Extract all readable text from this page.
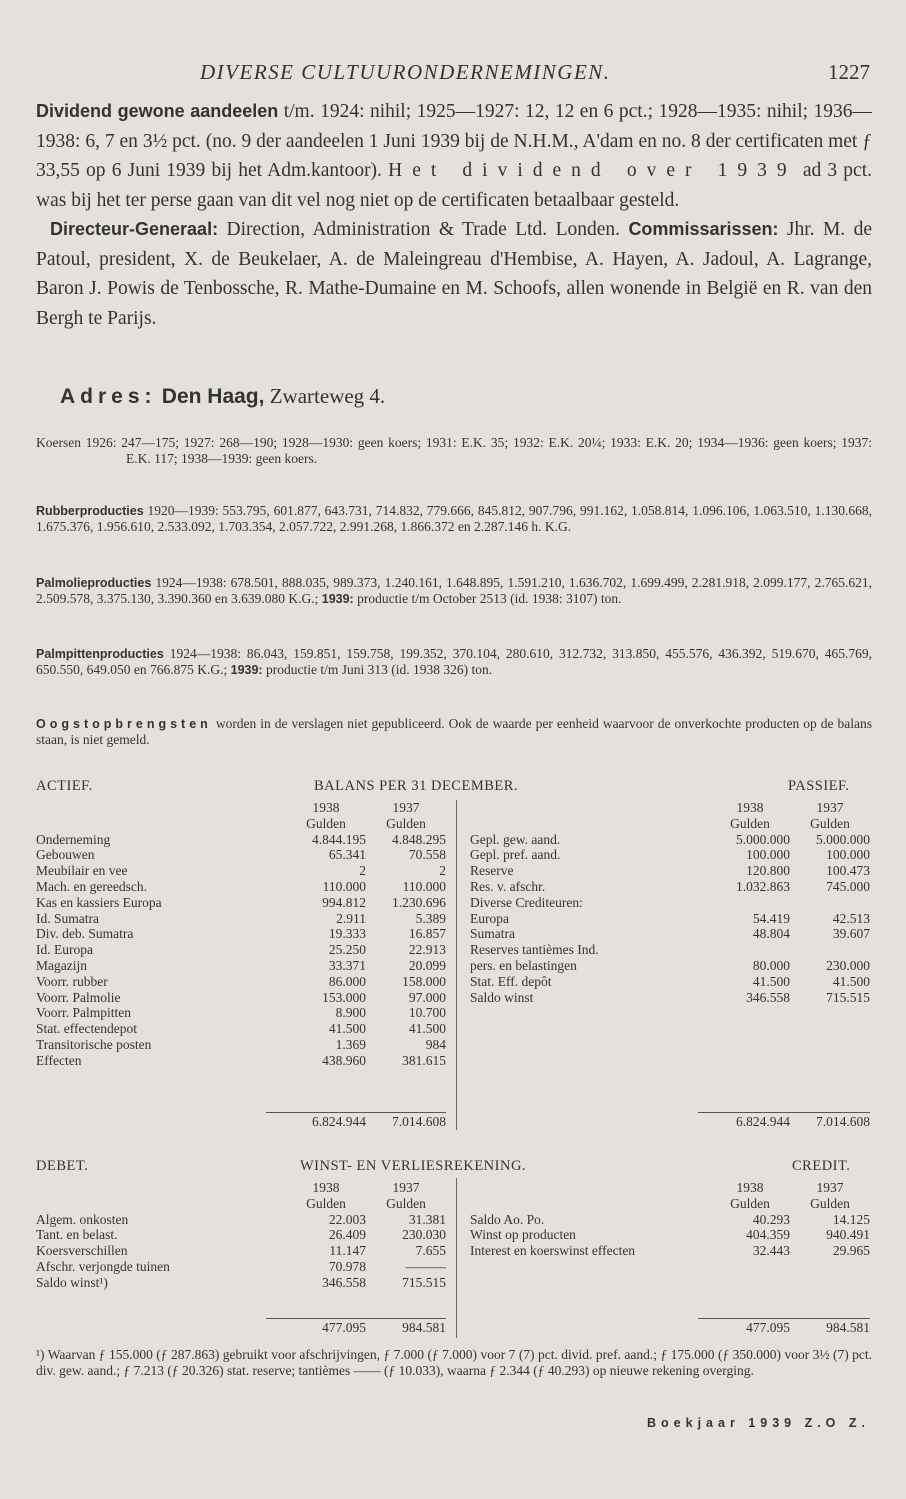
DIVERSE CULTUURONDERNEMINGEN.	1227

Dividend gewone aandeelen t/m. 1924: nihil; 1925—1927: 12, 12 en 6 pct.; 1928—1935: nihil; 1936—1938: 6, 7 en 3½ pct. (no. 9 der aandeelen 1 Juni 1939 bij de N.H.M., A'dam en no. 8 der certificaten met ƒ 33,55 op 6 Juni 1939 bij het Adm.kantoor). Het dividend over 1939 ad 3 pct. was bij het ter perse gaan van dit vel nog niet op de certificaten betaalbaar gesteld.

Directeur-Generaal: Direction, Administration & Trade Ltd. Londen. Commissarissen: Jhr. M. de Patoul, president, X. de Beukelaer, A. de Maleingreau d'Hembise, A. Hayen, A. Jadoul, A. Lagrange, Baron J. Powis de Tenbossche, R. Mathe-Dumaine en M. Schoofs, allen wonende in België en R. van den Bergh te Parijs.

Adres: Den Haag, Zwarteweg 4.

Koersen 1926: 247—175; 1927: 268—190; 1928—1930: geen koers; 1931: E.K. 35; 1932: E.K. 20¼; 1933: E.K. 20; 1934—1936: geen koers; 1937: E.K. 117; 1938—1939: geen koers.

Rubberproducties 1920—1939: 553.795, 601.877, 643.731, 714.832, 779.666, 845.812, 907.796, 991.162, 1.058.814, 1.096.106, 1.063.510, 1.130.668, 1.675.376, 1.956.610, 2.533.092, 1.703.354, 2.057.722, 2.991.268, 1.866.372 en 2.287.146 h. K.G.

Palmolieproducties 1924—1938: 678.501, 888.035, 989.373, 1.240.161, 1.648.895, 1.591.210, 1.636.702, 1.699.499, 2.281.918, 2.099.177, 2.765.621, 2.509.578, 3.375.130, 3.390.360 en 3.639.080 K.G.; 1939: productie t/m October 2513 (id. 1938: 3107) ton.

Palmpittenproducties 1924—1938: 86.043, 159.851, 159.758, 199.352, 370.104, 280.610, 312.732, 313.850, 455.576, 436.392, 519.670, 465.769, 650.550, 649.050 en 766.875 K.G.; 1939: productie t/m Juni 313 (id. 1938 326) ton.

Oogstopbrengsten worden in de verslagen niet gepubliceerd. Ook de waarde per eenheid waarvoor de onverkochte producten op de balans staan, is niet gemeld.

ACTIEF.	BALANS PER 31 DECEMBER.	PASSIEF.
1938	1937
Gulden	Gulden
Onderneming	4.844.195	4.848.295
Gebouwen	65.341	70.558
Meubilair en vee	2	2
Mach. en gereedsch.	110.000	110.000
Kas en kassiers Europa	994.812	1.230.696
Id. Sumatra	2.911	5.389
Div. deb. Sumatra	19.333	16.857
Id. Europa	25.250	22.913
Magazijn	33.371	20.099
Voorr. rubber	86.000	158.000
Voorr. Palmolie	153.000	97.000
Voorr. Palmpitten	8.900	10.700
Stat. effectendepot	41.500	41.500
Transitorische posten	1.369	984
Effecten	438.960	381.615
6.824.944	7.014.608
1938	1937
Gulden	Gulden
Gepl. gew. aand.	5.000.000	5.000.000
Gepl. pref. aand.	100.000	100.000
Reserve	120.800	100.473
Res. v. afschr.	1.032.863	745.000
Diverse Crediteuren:
Europa	54.419	42.513
Sumatra	48.804	39.607
Reserves tantièmes Ind.
pers. en belastingen	80.000	230.000
Stat. Eff. depôt	41.500	41.500
Saldo winst	346.558	715.515
6.824.944	7.014.608
DEBET.	WINST- EN VERLIESREKENING.	CREDIT.
1938	1937
Gulden	Gulden
Algem. onkosten	22.003	31.381
Tant. en belast.	26.409	230.030
Koersverschillen	11.147	7.655
Afschr. verjongde tuinen	70.978	———
Saldo winst¹)	346.558	715.515
477.095	984.581
1938	1937
Gulden	Gulden
Saldo Ao. Po.	40.293	14.125
Winst op producten	404.359	940.491
Interest en koerswinst effecten	32.443	29.965
477.095	984.581
¹) Waarvan ƒ 155.000 (ƒ 287.863) gebruikt voor afschrijvingen, ƒ 7.000 (ƒ 7.000) voor 7 (7) pct. divid. pref. aand.; ƒ 175.000 (ƒ 350.000) voor 3½ (7) pct. div. gew. aand.; ƒ 7.213 (ƒ 20.326) stat. reserve; tantièmes —— (ƒ 10.033), waarna ƒ 2.344 (ƒ 40.293) op nieuwe rekening overging.
Boekjaar 1939 Z.O Z.
